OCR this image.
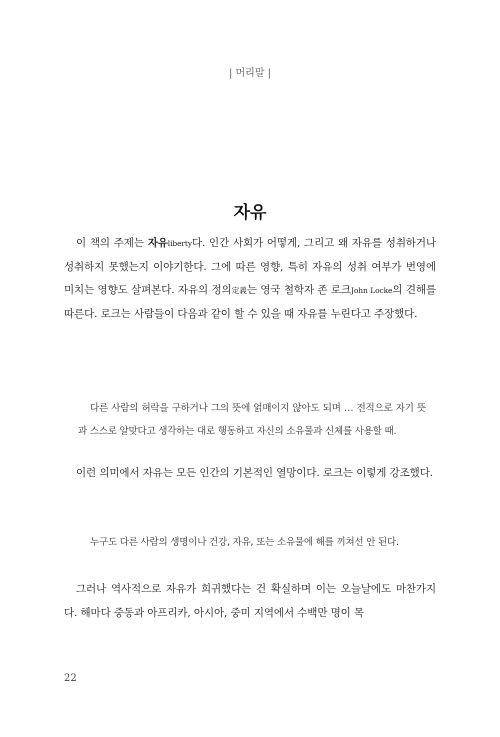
| 머리말 |
자유

이 책의 주제는 자유liberty다. 인간 사회가 어떻게, 그리고 왜 자유를 성취하거나 성취하지 못했는지 이야기한다. 그에 따른 영향, 특히 자유의 성취 여부가 번영에 미치는 영향도 살펴본다. 자유의 정의定義는 영국 철학자 존 로크John Locke의 견해를 따른다. 로크는 사람들이 다음과 같이 할 수 있을 때 자유를 누린다고 주장했다.

다른 사람의 허락을 구하거나 그의 뜻에 얽매이지 않아도 되며 … 전적으로 자기 뜻과 스스로 알맞다고 생각하는 대로 행동하고 자신의 소유물과 신체를 사용할 때.

이런 의미에서 자유는 모든 인간의 기본적인 열망이다. 로크는 이렇게 강조했다.

누구도 다른 사람의 생명이나 건강, 자유, 또는 소유물에 해를 끼쳐선 안 된다.

그러나 역사적으로 자유가 희귀했다는 건 확실하며 이는 오늘날에도 마찬가지다. 해마다 중동과 아프리카, 아시아, 중미 지역에서 수백만 명이 목

22
